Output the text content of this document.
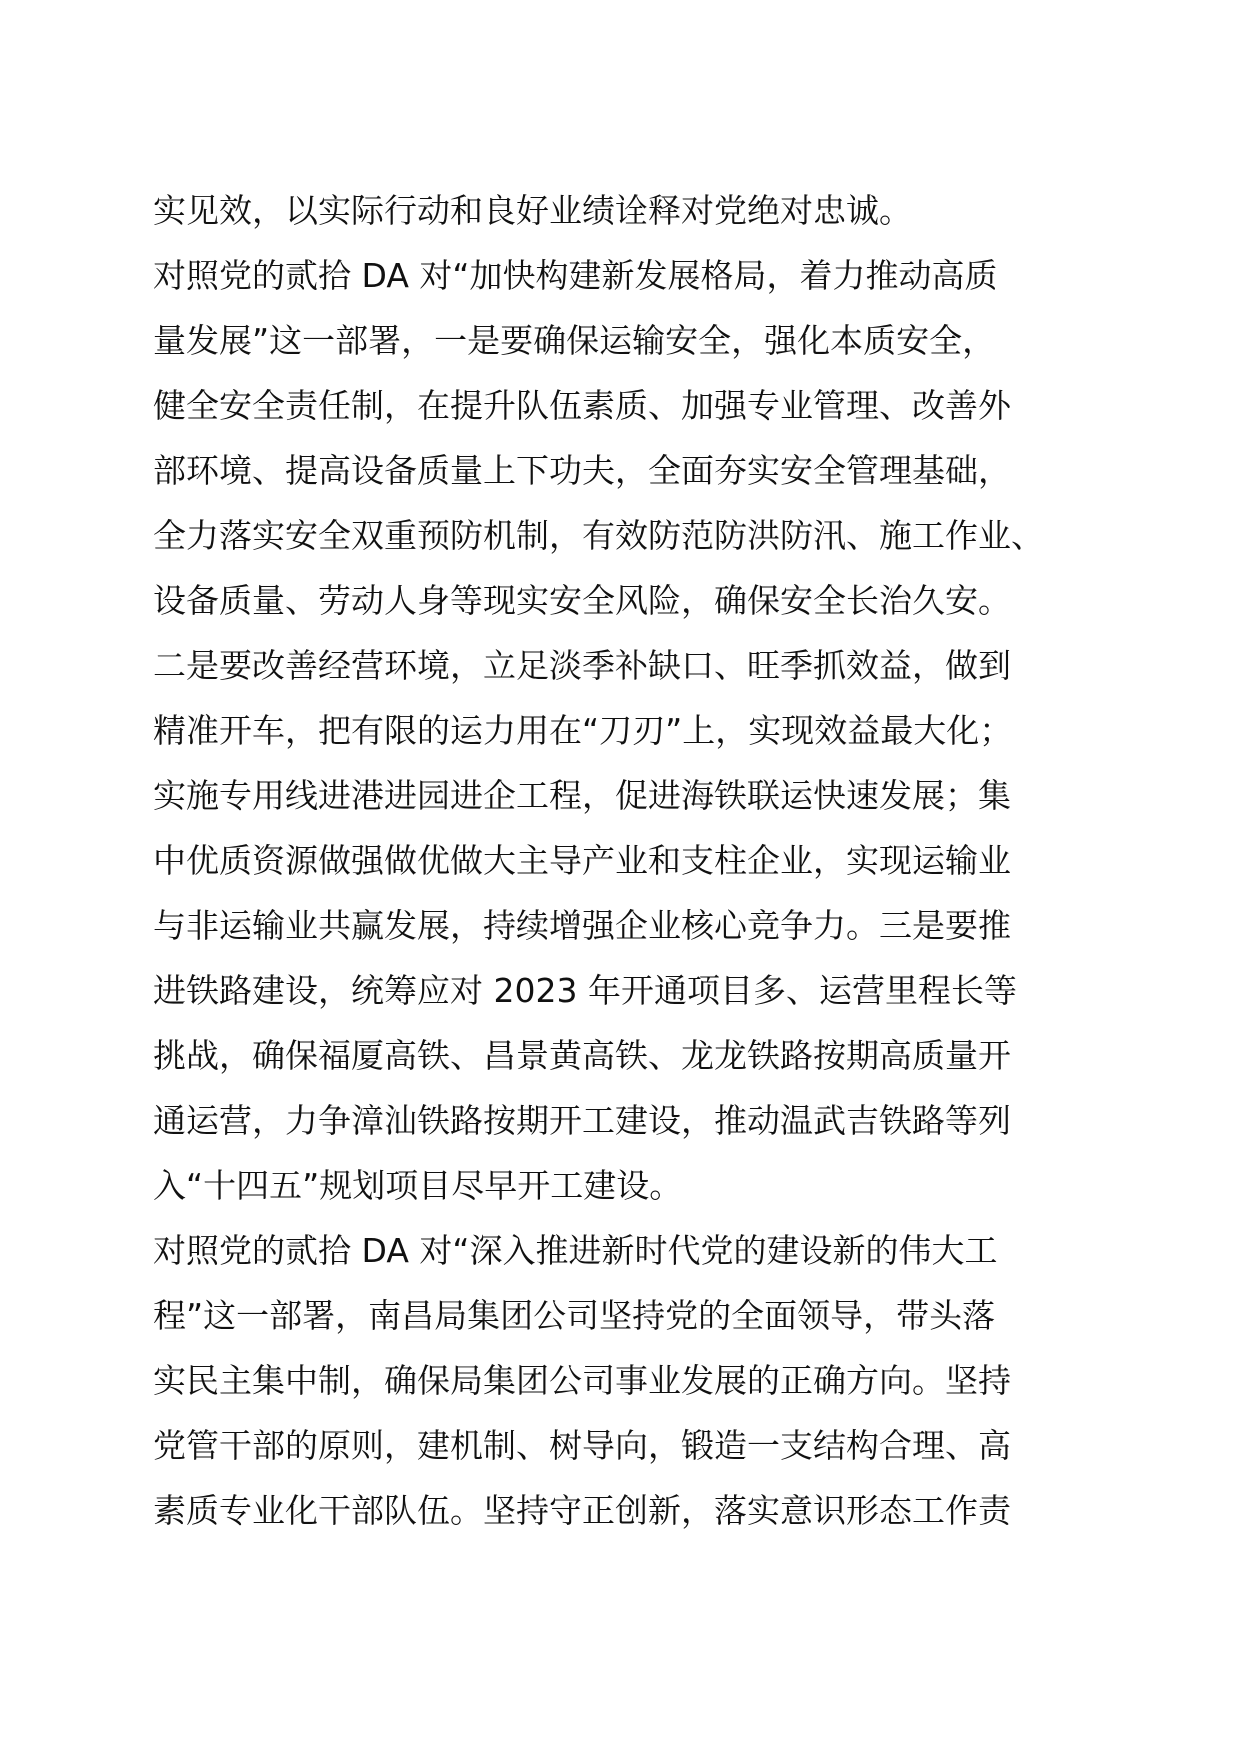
实见效，以实际行动和良好业绩诠释对党绝对忠诚。
对照党的贰拾 DA 对“加快构建新发展格局，着力推动高质
量发展”这一部署，一是要确保运输安全，强化本质安全，
健全安全责任制，在提升队伍素质、加强专业管理、改善外
部环境、提高设备质量上下功夫，全面夯实安全管理基础，
全力落实安全双重预防机制，有效防范防洪防汛、施工作业、
设备质量、劳动人身等现实安全风险，确保安全长治久安。
二是要改善经营环境，立足淡季补缺口、旺季抓效益，做到
精准开车，把有限的运力用在“刀刃”上，实现效益最大化；
实施专用线进港进园进企工程，促进海铁联运快速发展；集
中优质资源做强做优做大主导产业和支柱企业，实现运输业
与非运输业共赢发展，持续增强企业核心竞争力。三是要推
进铁路建设，统筹应对 2023 年开通项目多、运营里程长等
挑战，确保福厦高铁、昌景黄高铁、龙龙铁路按期高质量开
通运营，力争漳汕铁路按期开工建设，推动温武吉铁路等列
入“十四五”规划项目尽早开工建设。
对照党的贰拾 DA 对“深入推进新时代党的建设新的伟大工
程”这一部署，南昌局集团公司坚持党的全面领导，带头落
实民主集中制，确保局集团公司事业发展的正确方向。坚持
党管干部的原则，建机制、树导向，锻造一支结构合理、高
素质专业化干部队伍。坚持守正创新，落实意识形态工作责
